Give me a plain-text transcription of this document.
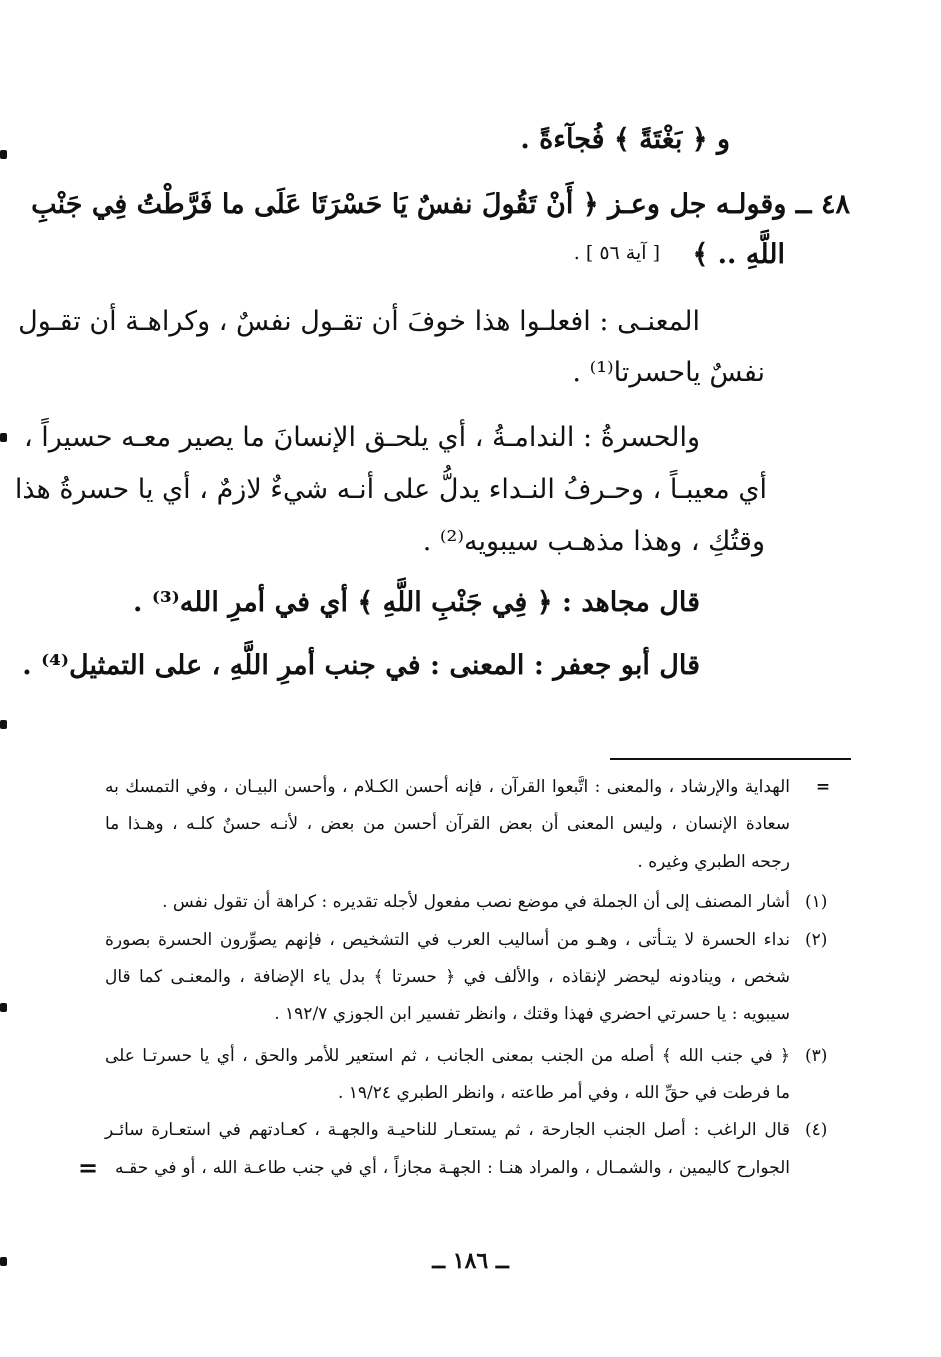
و ﴿ بَغْتَةً ﴾ فُجآءةً .
٤٨ ــ وقولـه جل وعـز ﴿ أَنْ تَقُولَ نفسٌ يَا حَسْرَتَا عَلَى ما فَرَّطْتُ فِي جَنْبِ
اللَّهِ .. ﴾
[ آية ٥٦ ] .
المعنـى : افعلـوا هذا خوفَ أن تقـول نفسٌ ، وكراهـة أن تقـول
نفسٌ ياحسرتا⁽¹⁾ .
والحسرةُ : الندامـةُ ، أي يلحـق الإنسانَ ما يصير معـه حسيراً ،
أي معيبـاً ، وحـرفُ النـداء يدلُّ على أنـه شيءٌ لازمٌ ، أي يا حسرةُ هذا
وقتُكِ ، وهذا مذهـب سيبويه⁽²⁾ .
قال مجاهد : ﴿ فِي جَنْبِ اللَّهِ ﴾ أي في أمرِ الله⁽³⁾ .
قال أبو جعفر : المعنى : في جنب أمرِ اللَّهِ ، على التمثيل⁽⁴⁾ .
=
الهداية والإرشاد ، والمعنى : اتَّبعوا القرآن ، فإنه أحسن الكـلام ، وأحسن البيـان ، وفي التمسك به
سعادة الإنسان ، وليس المعنى أن بعض القرآن أحسن من بعض ، لأنـه حسنٌ كلـه ، وهـذا ما
رجحه الطبري وغيره .
(١)
أشار المصنف إلى أن الجملة في موضع نصب مفعول لأجله تقديره : كراهة أن تقول نفس .
(٢)
نداء الحسرة لا يتـأتى ، وهـو من أساليب العرب في التشخيص ، فإنهم يصوِّرون الحسرة بصورة
شخص ، وينادونه ليحضر لإنقاذه ، والألف في ﴿ حسرتا ﴾ بدل ياء الإضافة ، والمعنـى كما قال
سيبويه : يا حسرتي احضري فهذا وقتك ، وانظر تفسير ابن الجوزي ١٩٢/٧ .
(٣)
﴿ في جنب الله ﴾ أصله من الجنب بمعنى الجانب ، ثم استعير للأمر والحق ، أي يا حسرتـا على
ما فرطت في حقِّ الله ، وفي أمر طاعته ، وانظر الطبري ١٩/٢٤ .
(٤)
قال الراغب : أصل الجنب الجارحة ، ثم يستعـار للناحيـة والجهـة ، كعـادتهم في استعـارة سائـر
الجوارح كاليمين ، والشمـال ، والمراد هنـا : الجهـة مجازاً ، أي في جنب طاعـة الله ، أو في حقـه
=
ــ ١٨٦ ــ
